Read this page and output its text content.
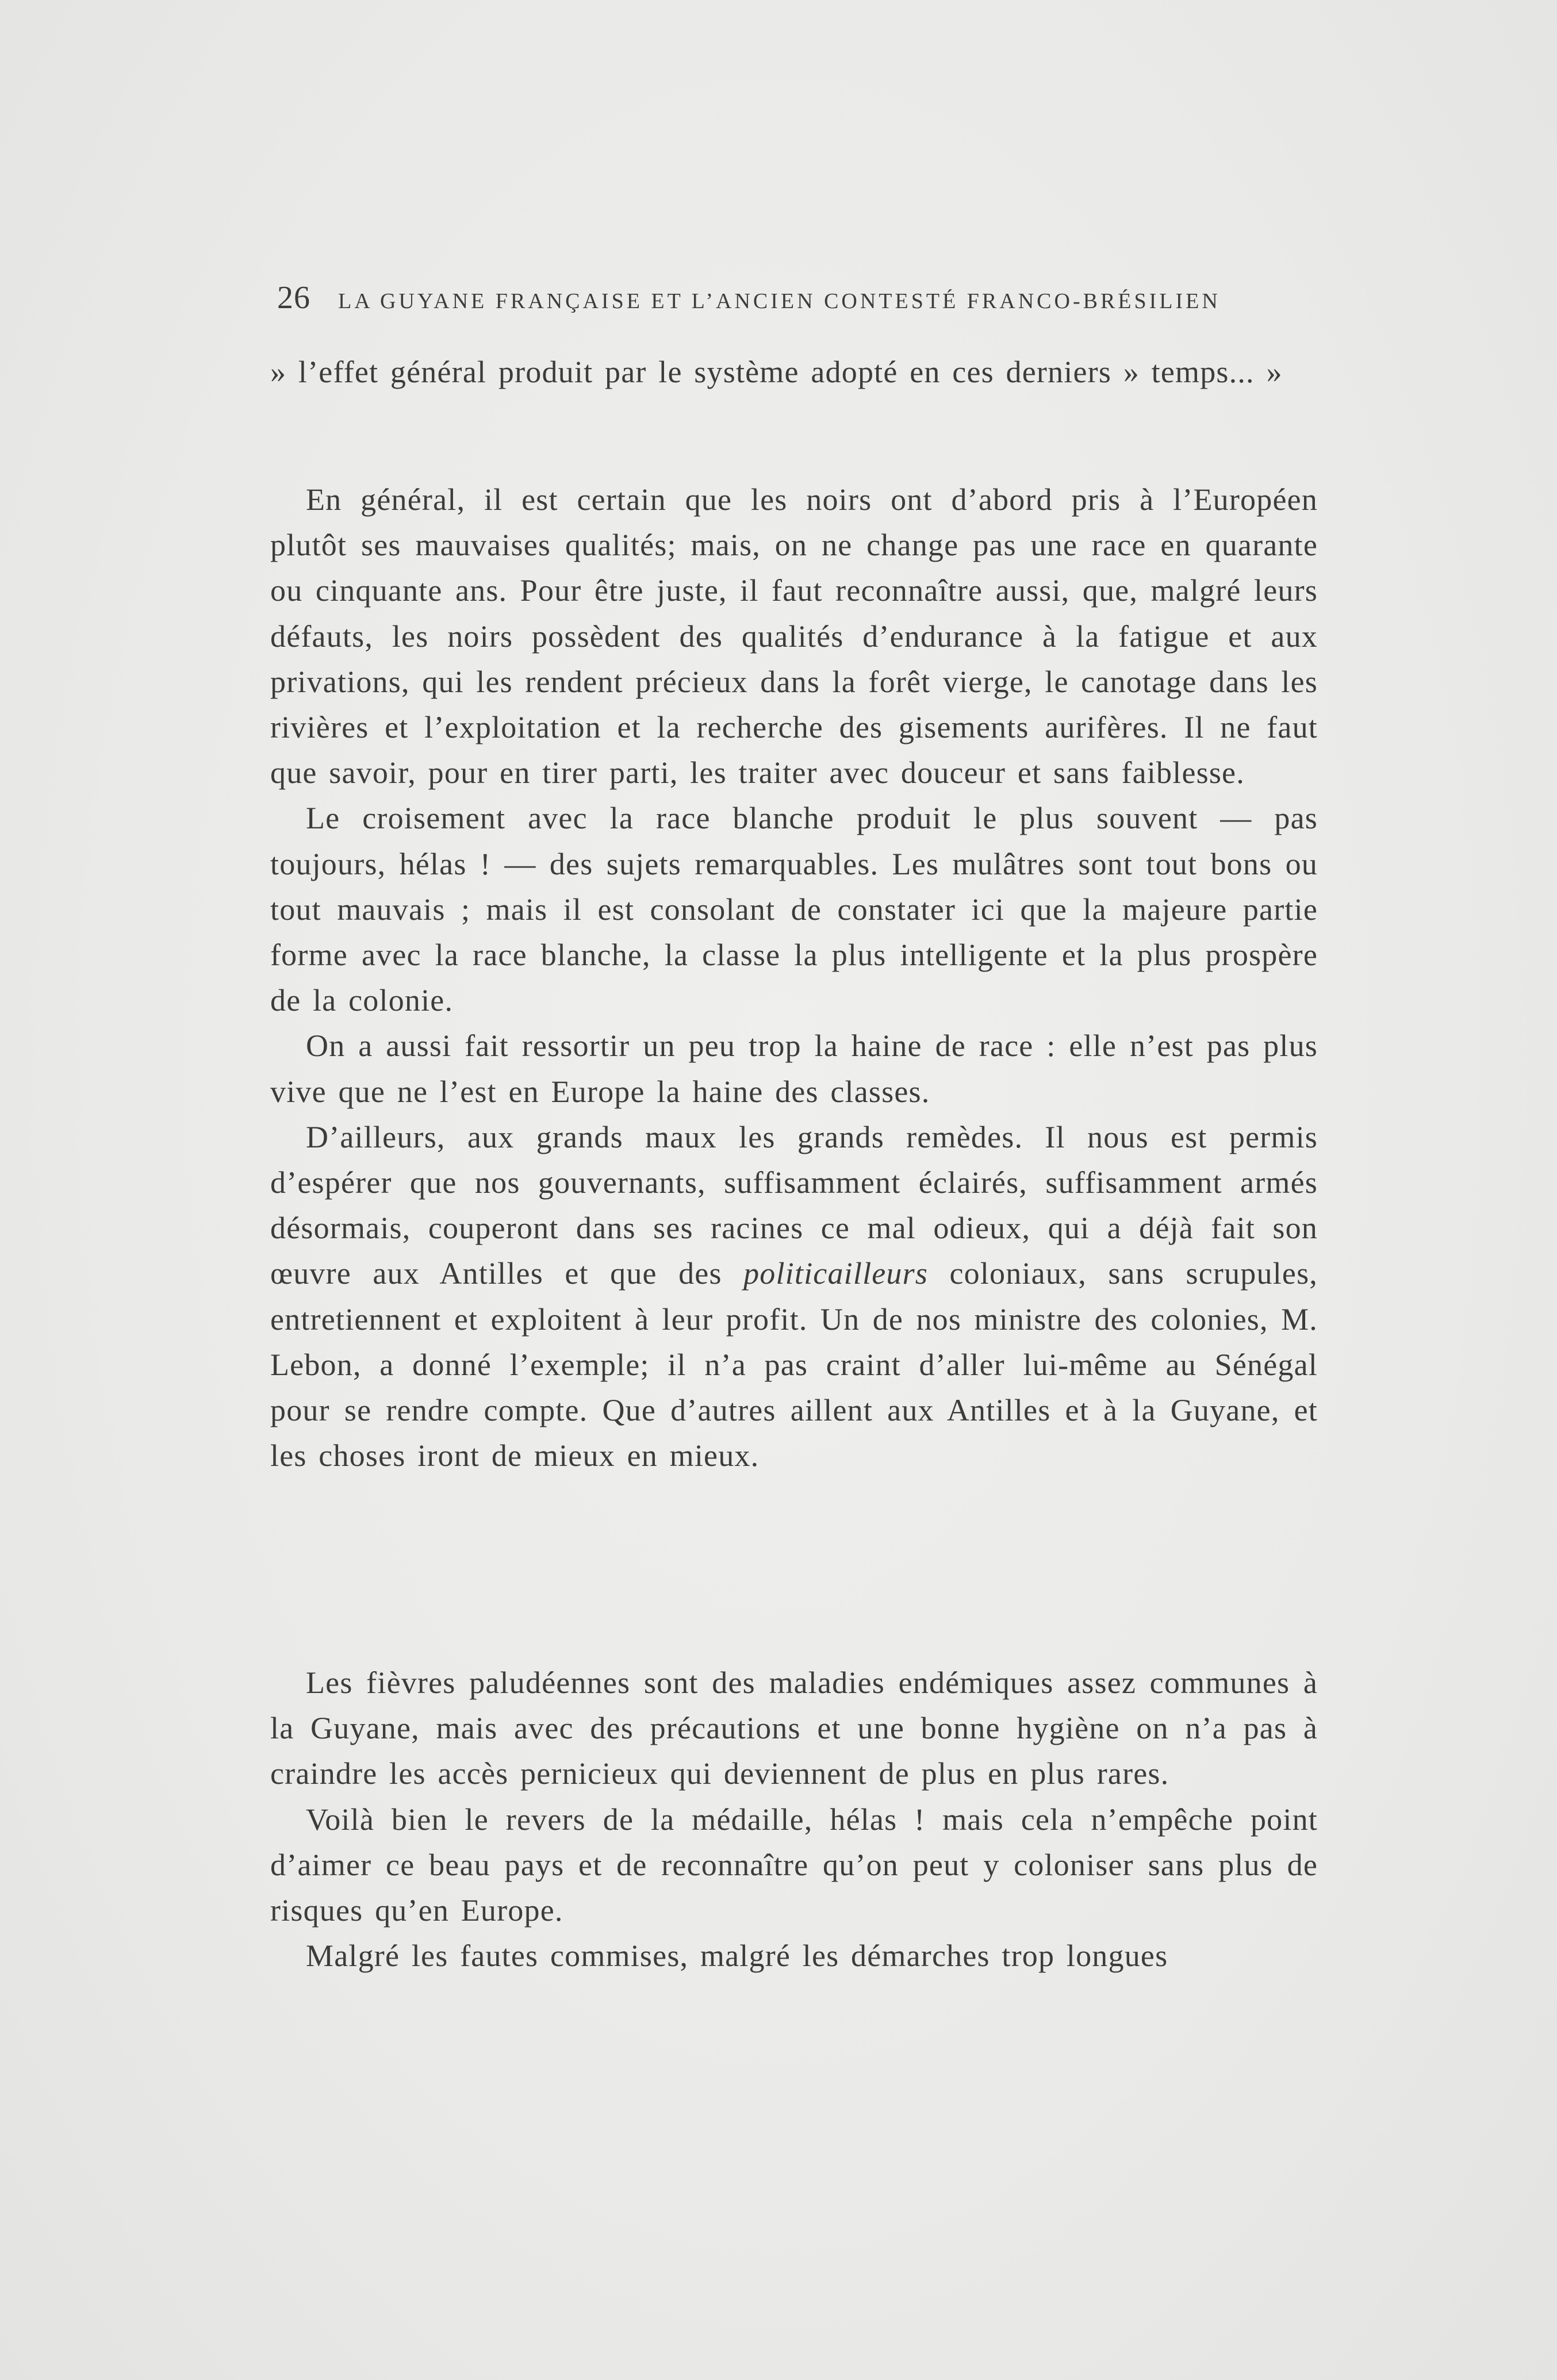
26 LA GUYANE FRANÇAISE ET L’ANCIEN CONTESTÉ FRANCO-BRÉSILIEN

» l’effet général produit par le système adopté en ces derniers » temps... »

En général, il est certain que les noirs ont d’abord pris à l’Européen plutôt ses mauvaises qualités; mais, on ne change pas une race en quarante ou cinquante ans. Pour être juste, il faut reconnaître aussi, que, malgré leurs défauts, les noirs possèdent des qualités d’endurance à la fatigue et aux privations, qui les rendent précieux dans la forêt vierge, le canotage dans les rivières et l’exploitation et la recherche des gisements aurifères. Il ne faut que savoir, pour en tirer parti, les traiter avec douceur et sans faiblesse.

Le croisement avec la race blanche produit le plus souvent — pas toujours, hélas ! — des sujets remarquables. Les mulâtres sont tout bons ou tout mauvais ; mais il est consolant de constater ici que la majeure partie forme avec la race blanche, la classe la plus intelligente et la plus prospère de la colonie.

On a aussi fait ressortir un peu trop la haine de race : elle n’est pas plus vive que ne l’est en Europe la haine des classes.

D’ailleurs, aux grands maux les grands remèdes. Il nous est permis d’espérer que nos gouvernants, suffisamment éclairés, suffisamment armés désormais, couperont dans ses racines ce mal odieux, qui a déjà fait son œuvre aux Antilles et que des politicailleurs coloniaux, sans scrupules, entretiennent et exploitent à leur profit. Un de nos ministre des colonies, M. Lebon, a donné l’exemple; il n’a pas craint d’aller lui-même au Sénégal pour se rendre compte. Que d’autres aillent aux Antilles et à la Guyane, et les choses iront de mieux en mieux.

Les fièvres paludéennes sont des maladies endémiques assez communes à la Guyane, mais avec des précautions et une bonne hygiène on n’a pas à craindre les accès pernicieux qui deviennent de plus en plus rares.

Voilà bien le revers de la médaille, hélas ! mais cela n’empêche point d’aimer ce beau pays et de reconnaître qu’on peut y coloniser sans plus de risques qu’en Europe.

Malgré les fautes commises, malgré les démarches trop longues
